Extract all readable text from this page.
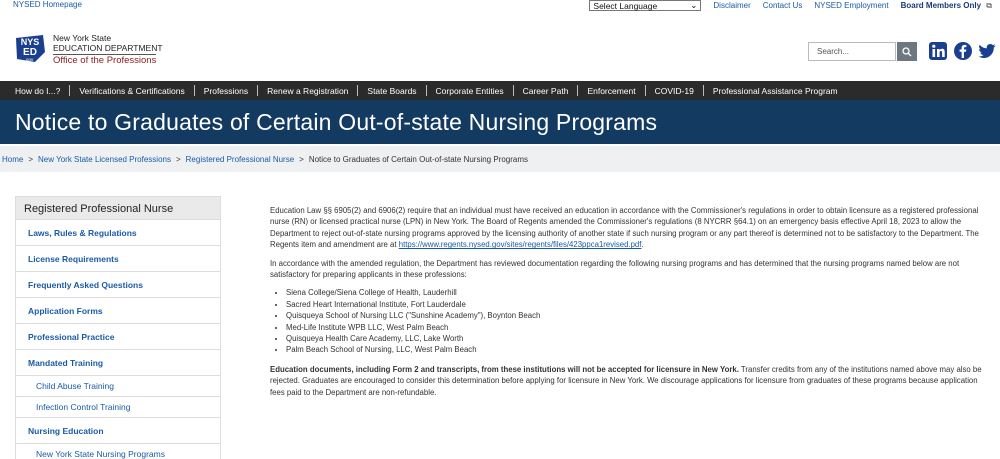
NYSED Homepage	Select Language	⌄ Disclaimer Contact Us NYSED Employment Board Members Only ⧉
NYS
ED
.gov
New York State
EDUCATION DEPARTMENT
Office of the Professions
Search...
How do I...? Verifications & Certifications Professions Renew a Registration State Boards Corporate Entities Career Path Enforcement COVID-19 Professional Assistance Program
Notice to Graduates of Certain Out-of-state Nursing Programs
Home > New York State Licensed Professions > Registered Professional Nurse > Notice to Graduates of Certain Out-of-state Nursing Programs
Registered Professional Nurse
Laws, Rules & Regulations
License Requirements
Frequently Asked Questions
Application Forms
Professional Practice
Mandated Training
Child Abuse Training
Infection Control Training
Nursing Education
New York State Nursing Programs

Education Law §§ 6905(2) and 6906(2) require that an individual must have received an education in accordance with the Commissioner's regulations in order to obtain licensure as a registered professional nurse (RN) or licensed practical nurse (LPN) in New York. The Board of Regents amended the Commissioner's regulations (8 NYCRR §64.1) on an emergency basis effective April 18, 2023 to allow the Department to reject out-of-state nursing programs approved by the licensing authority of another state if such nursing program or any part thereof is determined not to be satisfactory to the Department. The Regents item and amendment are at https://www.regents.nysed.gov/sites/regents/files/423ppca1revised.pdf.

In accordance with the amended regulation, the Department has reviewed documentation regarding the following nursing programs and has determined that the nursing programs named below are not satisfactory for preparing applicants in these professions:

• Siena College/Siena College of Health, Lauderhill
• Sacred Heart International Institute, Fort Lauderdale
• Quisqueya School of Nursing LLC ("Sunshine Academy"), Boynton Beach
• Med-Life Institute WPB LLC, West Palm Beach
• Quisqueya Health Care Academy, LLC, Lake Worth
• Palm Beach School of Nursing, LLC, West Palm Beach

Education documents, including Form 2 and transcripts, from these institutions will not be accepted for licensure in New York. Transfer credits from any of the institutions named above may also be rejected. Graduates are encouraged to consider this determination before applying for licensure in New York. We discourage applications for licensure from graduates of these programs because application fees paid to the Department are non-refundable.
